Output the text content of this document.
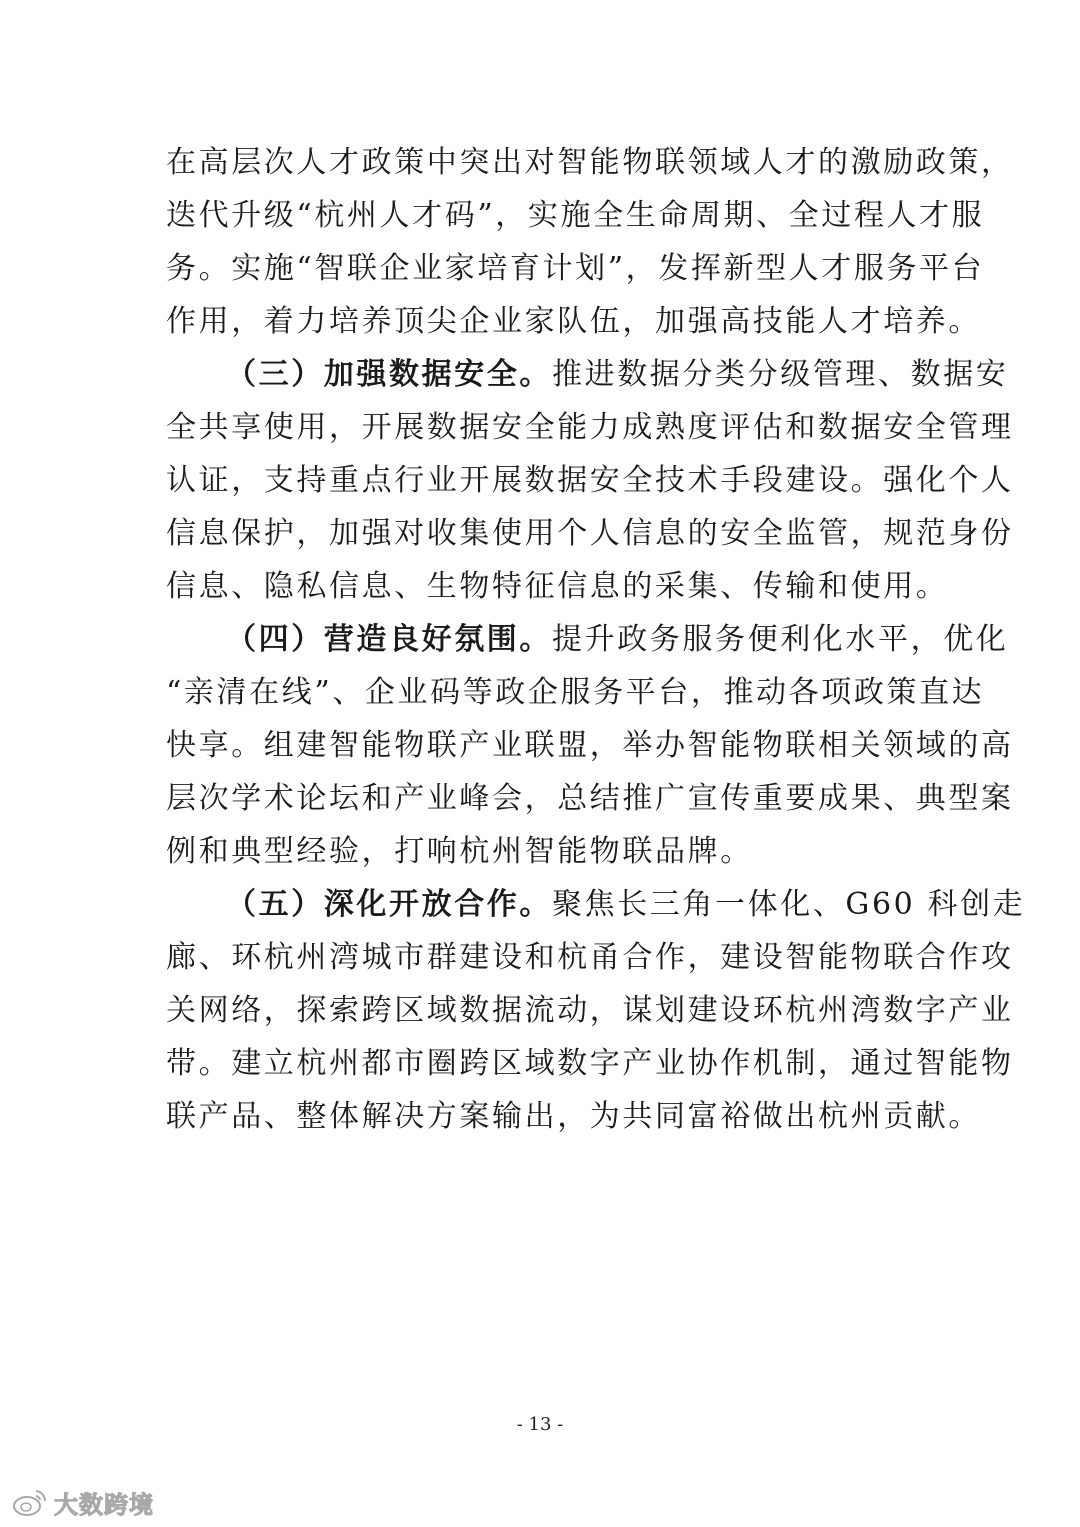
在高层次人才政策中突出对智能物联领域人才的激励政策，
迭代升级“杭州人才码”，实施全生命周期、全过程人才服
务。实施“智联企业家培育计划”，发挥新型人才服务平台
作用，着力培养顶尖企业家队伍，加强高技能人才培养。
（三）加强数据安全。推进数据分类分级管理、数据安
全共享使用，开展数据安全能力成熟度评估和数据安全管理
认证，支持重点行业开展数据安全技术手段建设。强化个人
信息保护，加强对收集使用个人信息的安全监管，规范身份
信息、隐私信息、生物特征信息的采集、传输和使用。
（四）营造良好氛围。提升政务服务便利化水平，优化
“亲清在线”、企业码等政企服务平台，推动各项政策直达
快享。组建智能物联产业联盟，举办智能物联相关领域的高
层次学术论坛和产业峰会，总结推广宣传重要成果、典型案
例和典型经验，打响杭州智能物联品牌。
（五）深化开放合作。聚焦长三角一体化、G60 科创走
廊、环杭州湾城市群建设和杭甬合作，建设智能物联合作攻
关网络，探索跨区域数据流动，谋划建设环杭州湾数字产业
带。建立杭州都市圈跨区域数字产业协作机制，通过智能物
联产品、整体解决方案输出，为共同富裕做出杭州贡献。
- 13 -
大数跨境
